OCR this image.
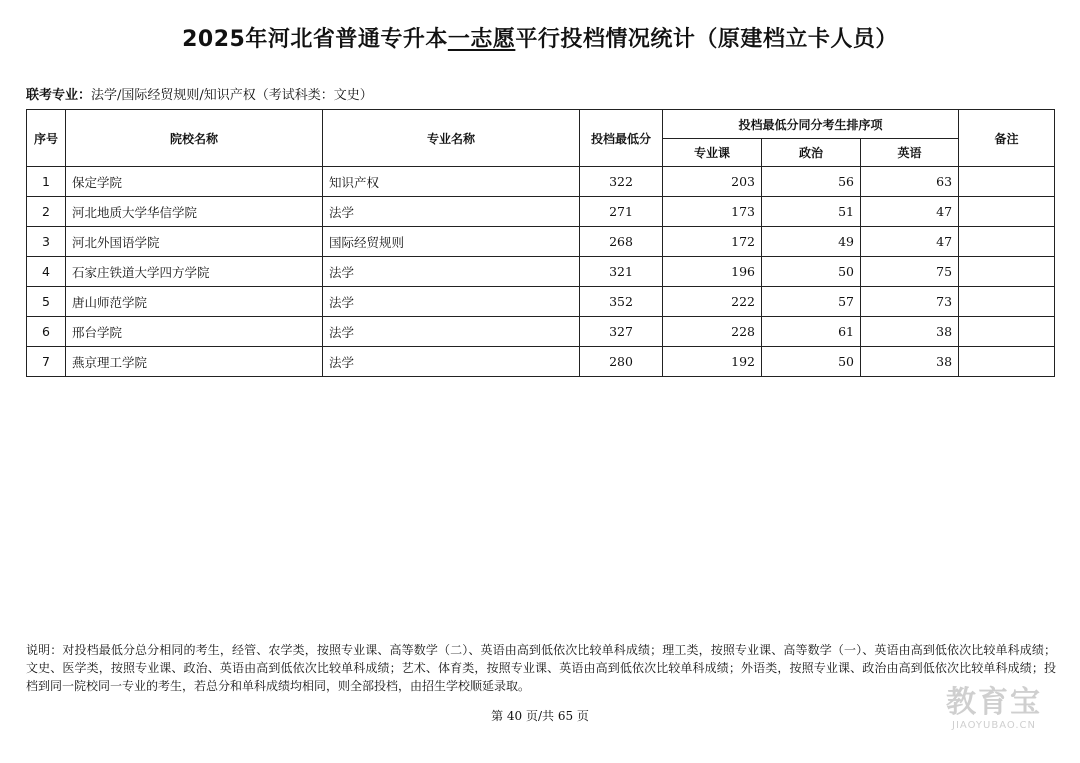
2025年河北省普通专升本一志愿平行投档情况统计（原建档立卡人员）
联考专业：法学/国际经贸规则/知识产权（考试科类：文史）
序号	院校名称	专业名称	投档最低分	投档最低分同分考生排序项			备注
				专业课	政治	英语	
1	保定学院	知识产权	322	203	56	63	
2	河北地质大学华信学院	法学	271	173	51	47	
3	河北外国语学院	国际经贸规则	268	172	49	47	
4	石家庄铁道大学四方学院	法学	321	196	50	75	
5	唐山师范学院	法学	352	222	57	73	
6	邢台学院	法学	327	228	61	38	
7	燕京理工学院	法学	280	192	50	38	
说明：对投档最低分总分相同的考生，经管、农学类，按照专业课、高等数学（二）、英语由高到低依次比较单科成绩；理工类，按照专业课、高等数学（一）、英语由高到低依次比较单科成绩；文史、医学类，按照专业课、政治、英语由高到低依次比较单科成绩；艺术、体育类，按照专业课、英语由高到低依次比较单科成绩；外语类，按照专业课、政治由高到低依次比较单科成绩；投档到同一院校同一专业的考生，若总分和单科成绩均相同，则全部投档，由招生学校顺延录取。
第 40 页/共 65 页	教育宝
JIAOYUBAO.CN
